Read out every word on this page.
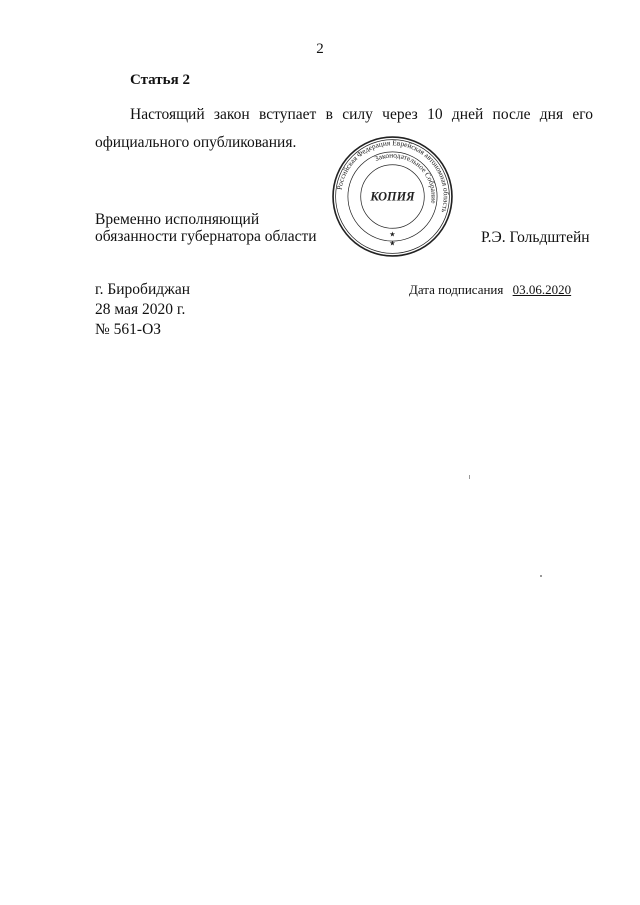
2
Статья 2
Настоящий закон вступает в силу через 10 дней после дня его
официального опубликования.
Временно исполняющий
обязанности губернатора области	Р.Э. Гольдштейн
Российская Федерация Еврейская автономная область
Законодательное Собрание
КОПИЯ
★
★
г. Биробиджан
28 мая 2020 г.
№ 561-ОЗ
Дата подписания 03.06.2020
